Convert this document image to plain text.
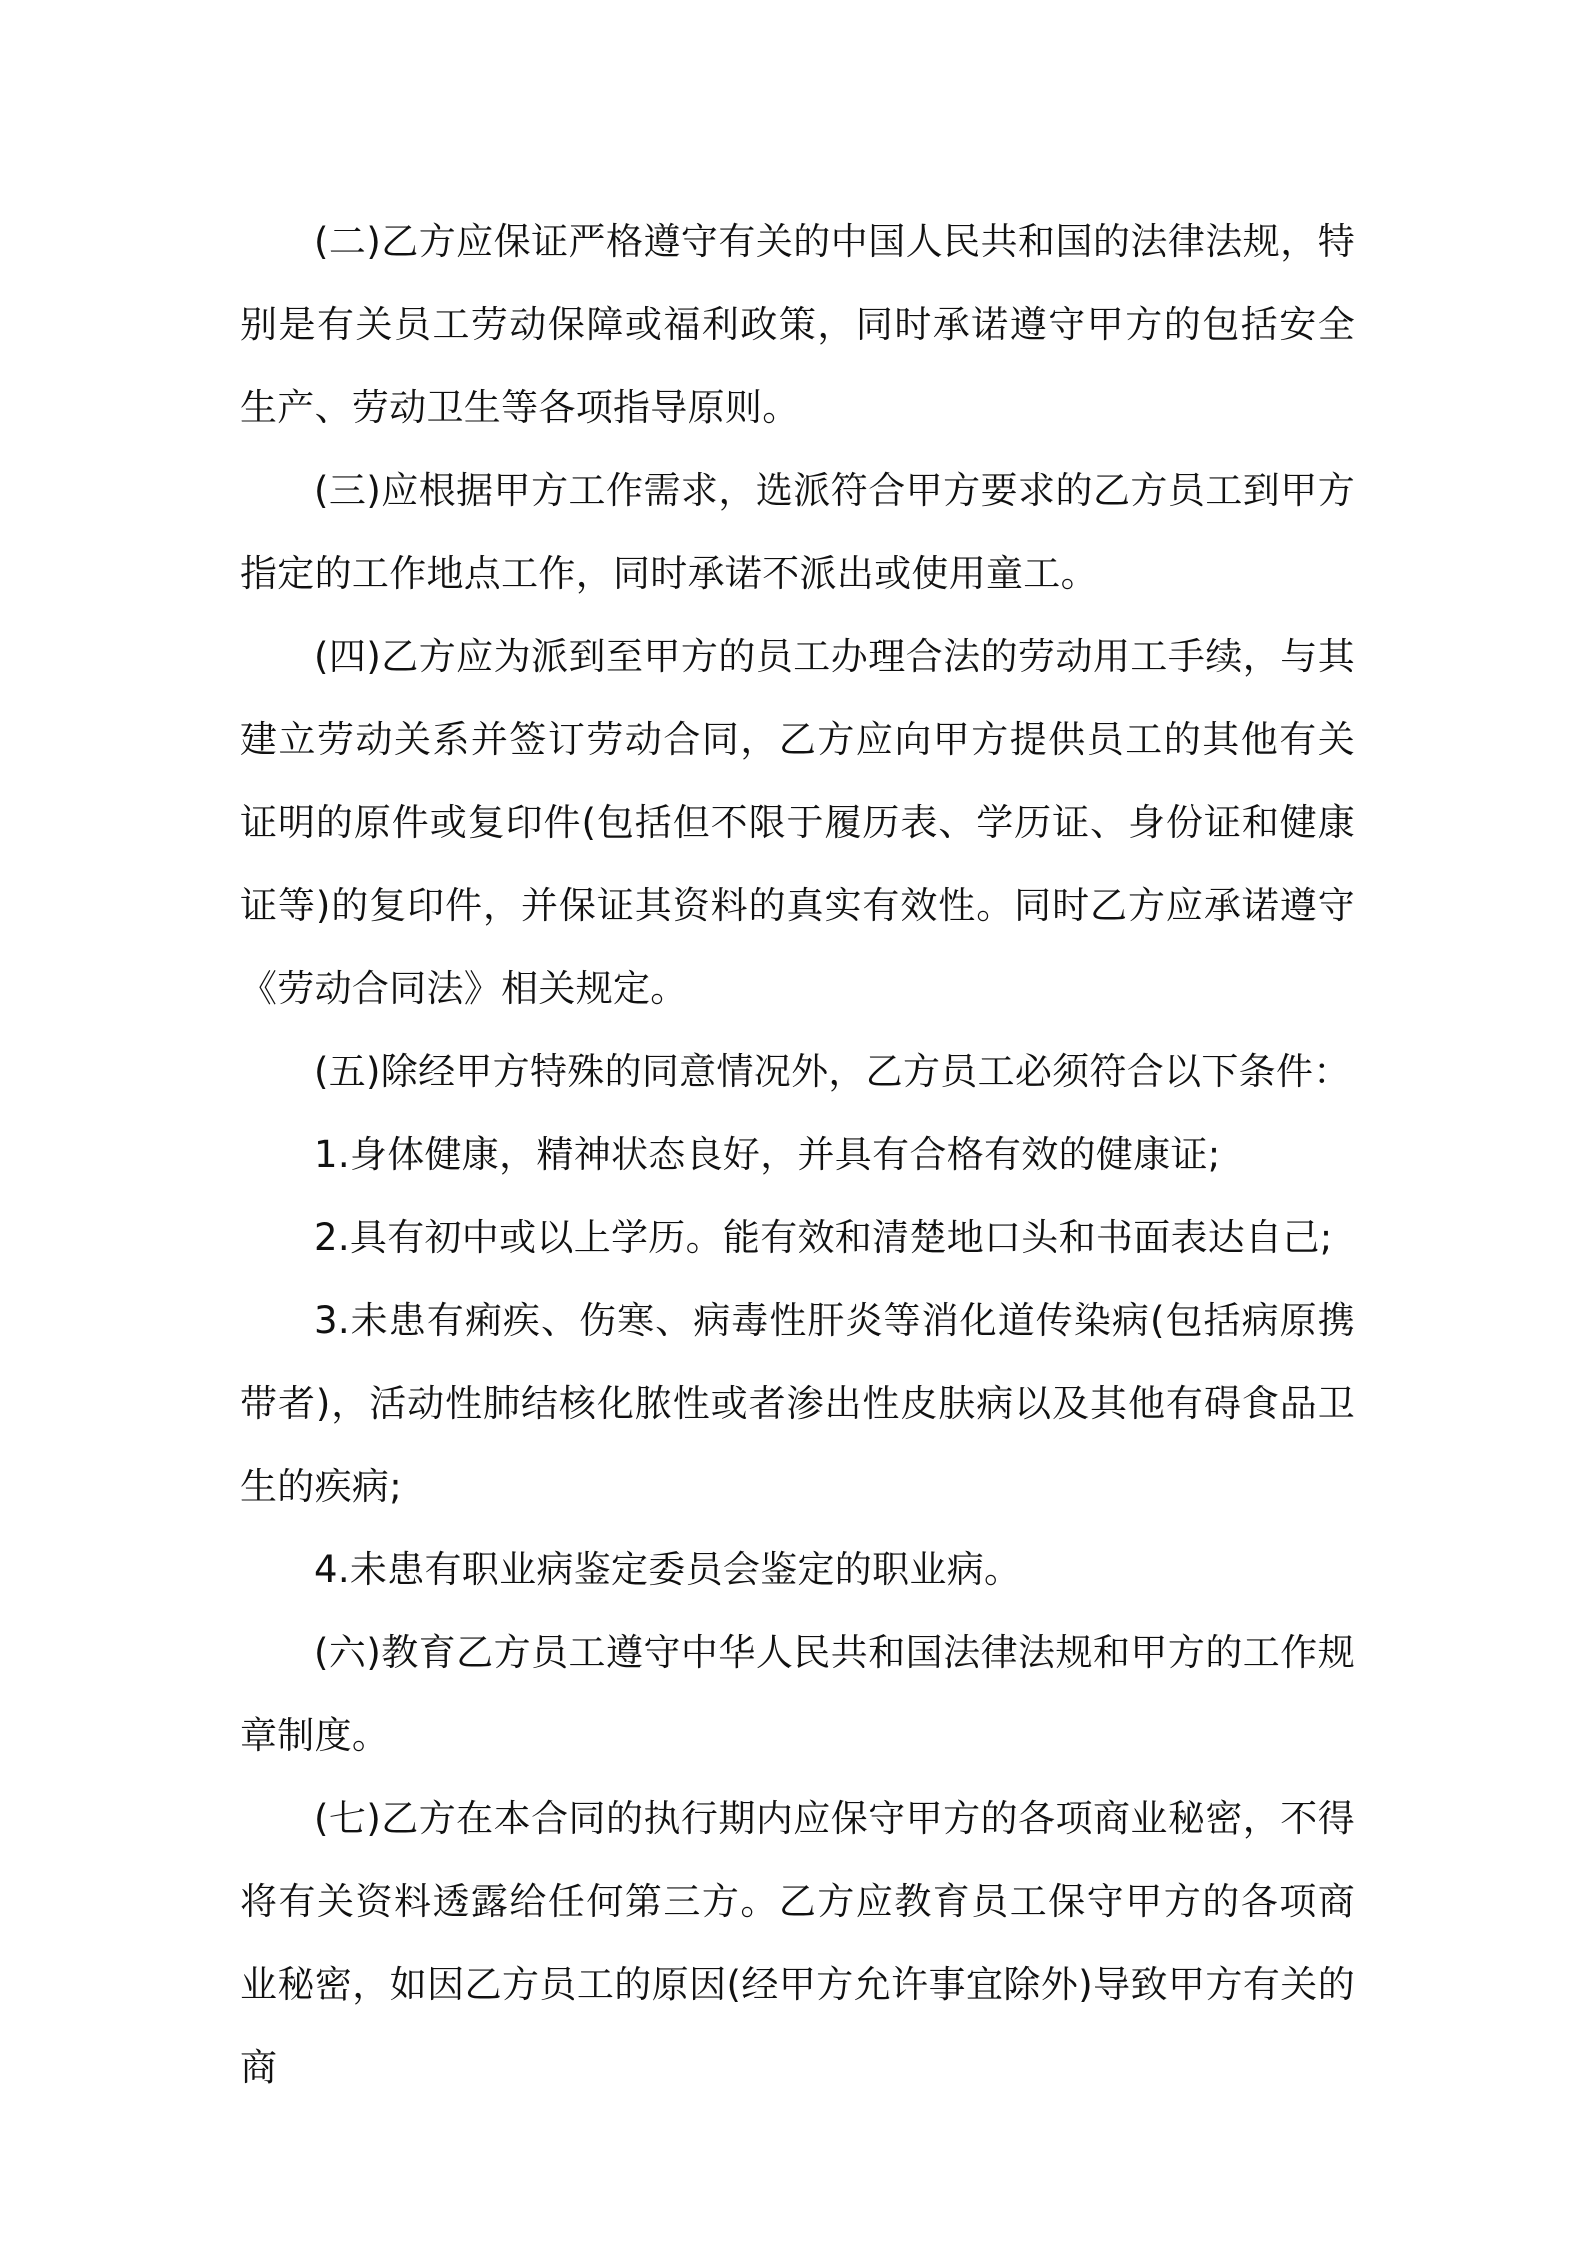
(二)乙方应保证严格遵守有关的中国人民共和国的法律法规，特别是有关员工劳动保障或福利政策，同时承诺遵守甲方的包括安全生产、劳动卫生等各项指导原则。

(三)应根据甲方工作需求，选派符合甲方要求的乙方员工到甲方指定的工作地点工作，同时承诺不派出或使用童工。

(四)乙方应为派到至甲方的员工办理合法的劳动用工手续，与其建立劳动关系并签订劳动合同，乙方应向甲方提供员工的其他有关证明的原件或复印件(包括但不限于履历表、学历证、身份证和健康证等)的复印件，并保证其资料的真实有效性。同时乙方应承诺遵守《劳动合同法》相关规定。

(五)除经甲方特殊的同意情况外，乙方员工必须符合以下条件：

1.身体健康，精神状态良好，并具有合格有效的健康证;

2.具有初中或以上学历。能有效和清楚地口头和书面表达自己;

3.未患有痢疾、伤寒、病毒性肝炎等消化道传染病(包括病原携带者)，活动性肺结核化脓性或者渗出性皮肤病以及其他有碍食品卫生的疾病;

4.未患有职业病鉴定委员会鉴定的职业病。

(六)教育乙方员工遵守中华人民共和国法律法规和甲方的工作规章制度。

(七)乙方在本合同的执行期内应保守甲方的各项商业秘密，不得将有关资料透露给任何第三方。乙方应教育员工保守甲方的各项商业秘密，如因乙方员工的原因(经甲方允许事宜除外)导致甲方有关的商
